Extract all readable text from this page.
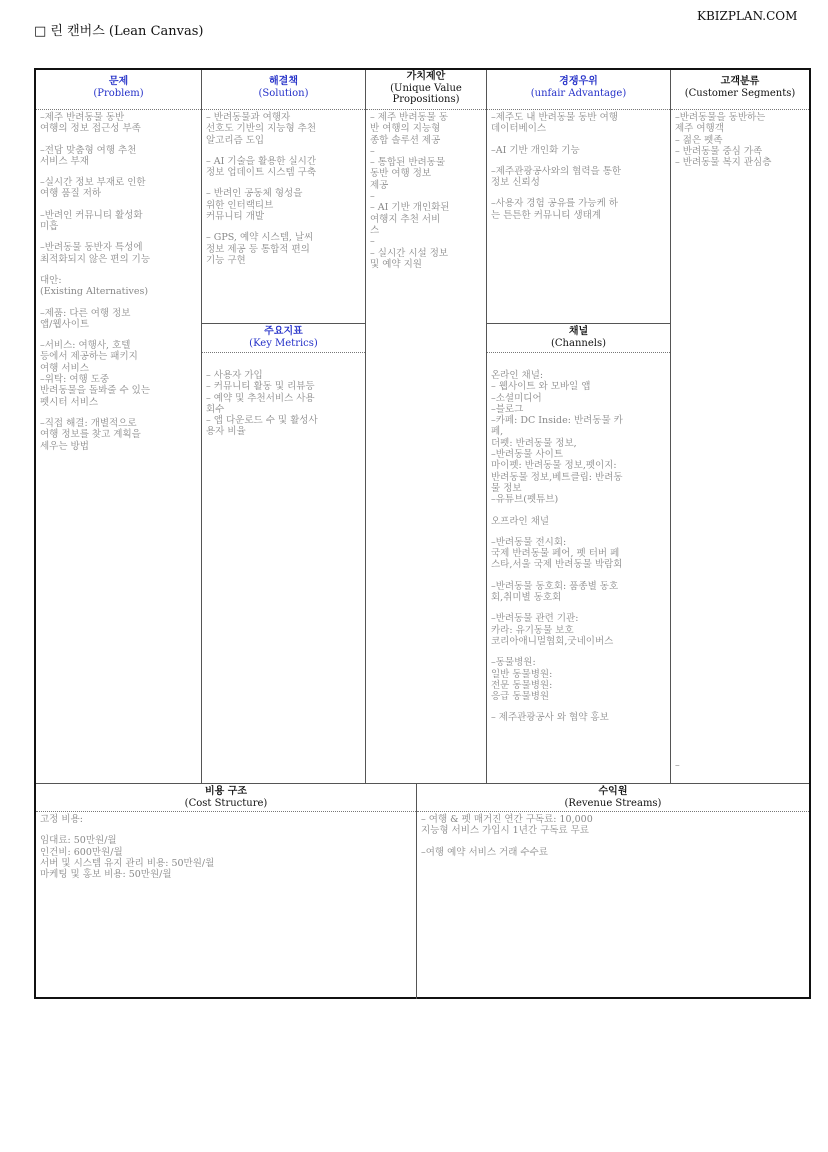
□ 린 캔버스 (Lean Canvas)
KBIZPLAN.COM
문제
(Problem)

–제주 반려동물 동반
여행의 정보 접근성 부족

–전담 맞춤형 여행 추천
서비스 부재

–실시간 정보 부재로 인한
여행 품질 저하

–반려인 커뮤니티 활성화
미흡

–반려동물 동반자 특성에
최적화되지 않은 편의 기능

대안:
(Existing Alternatives)

–제품: 다른 여행 정보
앱/웹사이트

–서비스: 여행사, 호텔
등에서 제공하는 패키지
여행 서비스
–위탁: 여행 도중
반려동물을 돌봐줄 수 있는
펫시터 서비스

–직접 해결: 개별적으로
여행 정보를 찾고 계획을
세우는 방법

해결책
(Solution)

– 반려동물과 여행자
선호도 기반의 지능형 추천
알고리즘 도입

– AI 기술을 활용한 실시간
정보 업데이트 시스템 구축

– 반려인 공동체 형성을
위한 인터랙티브
커뮤니티 개발

– GPS, 예약 시스템, 날씨
정보 제공 등 통합적 편의
기능 구현

주요지표
(Key Metrics)

– 사용자 가입
– 커뮤니티 활동 및 리뷰등
– 예약 및 추천서비스 사용
회수
– 앱 다운로드 수 및 활성사
용자 비율

가치제안
(Unique Value
Propositions)

– 제주 반려동물 동
반 여행의 지능형
종합 솔루션 제공
–
– 통합된 반려동물
동반 여행 정보
제공
–
– AI 기반 개인화된
여행지 추천 서비
스
–
– 실시간 시설 정보
및 예약 지원

경쟁우위
(unfair Advantage)

–제주도 내 반려동물 동반 여행
데이터베이스

–AI 기반 개인화 기능

–제주관광공사와의 협력을 통한
정보 신뢰성

–사용자 경험 공유를 가능케 하
는 튼튼한 커뮤니티 생태계

채널
(Channels)

온라인 채널:
– 웹사이트 와 모바일 앱
–소셜미디어
–블로그
–카페: DC Inside: 반려동물 카
페,
더펫: 반려동물 정보,
–반려동물 사이트
마이펫: 반려동물 정보,펫이지:
반려동물 정보,베트클립: 반려동
물 정보
–유튜브(펫튜브)

오프라인 채널

–반려동물 전시회:
국제 반려동물 페어, 펫 터버 페
스타,서울 국제 반려동물 박람회

–반려동물 동호회: 품종별 동호
회,취미별 동호회

–반려동물 관련 기관:
카라: 유기동물 보호
코리아애니멀협회,굿네이버스

–동물병원:
일반 동물병원:
전문 동물병원:
응급 동물병원

– 제주관광공사 와 협약 홍보

고객분류
(Customer Segments)

–반려동물을 동반하는
제주 여행객
– 젊은 펫족
– 반려동물 중심 가족
– 반려동물 복지 관심층

–

비용 구조
(Cost Structure)

고정 비용:

임대료: 50만원/월
인건비: 600만원/월
서버 및 시스템 유지 관리 비용: 50만원/월
마케팅 및 홍보 비용: 50만원/월

수익원
(Revenue Streams)

– 여행 & 펫 매거진 연간 구독료: 10,000
지능형 서비스 가입시 1년간 구독료 무료

–여행 예약 서비스 거래 수수료
